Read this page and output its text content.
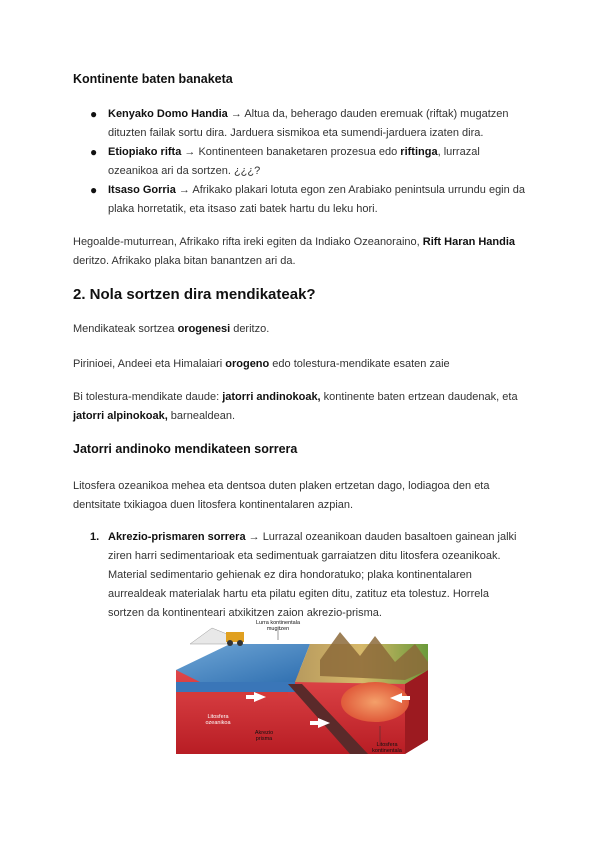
Kontinente baten banaketa
● Kenyako Domo Handia → Altua da, beherago dauden eremuak (riftak) mugatzen dituzten failak sortu dira. Jarduera sismikoa eta sumendi-jarduera izaten dira.
● Etiopiako rifta → Kontinenteen banaketaren prozesua edo riftinga, lurrazal ozeanikoa ari da sortzen. ¿¿¿?
● Itsaso Gorria → Afrikako plakari lotuta egon zen Arabiako penintsula urrundu egin da plaka horretatik, eta itsaso zati batek hartu du leku hori.
Hegoalde-muturrean, Afrikako rifta ireki egiten da Indiako Ozeanoraino, Rift Haran Handia deritzo. Afrikako plaka bitan banantzen ari da.
2. Nola sortzen dira mendikateak?
Mendikateak sortzea orogenesi deritzo.
Pirinioei, Andeei eta Himalaiari orogeno edo tolestura-mendikate esaten zaie
Bi tolestura-mendikate daude: jatorri andinokoak, kontinente baten ertzean daudenak, eta jatorri alpinokoak, barnealdean.
Jatorri andinoko mendikateen sorrera
Litosfera ozeanikoa mehea eta dentsoa duten plaken ertzetan dago, lodiagoa den eta dentsitate txikiagoa duen litosfera kontinentalaren azpian.
1. Akrezio-prismaren sorrera → Lurrazal ozeanikoan dauden basaltoen gainean jalki ziren harri sedimentarioak eta sedimentuak garraiatzen ditu litosfera ozeanikoak. Material sedimentario gehienak ez dira hondoratuko; plaka kontinentalaren aurrealdeak materialak hartu eta pilatu egiten ditu, zatituz eta tolestuz. Horrela sortzen da kontinenteari atxikitzen zaion akrezio-prisma.
Lurra kontinentala mugitzen
Litosfera ozeanikoa
Akrezio prisma
Litosfera kontinentala
